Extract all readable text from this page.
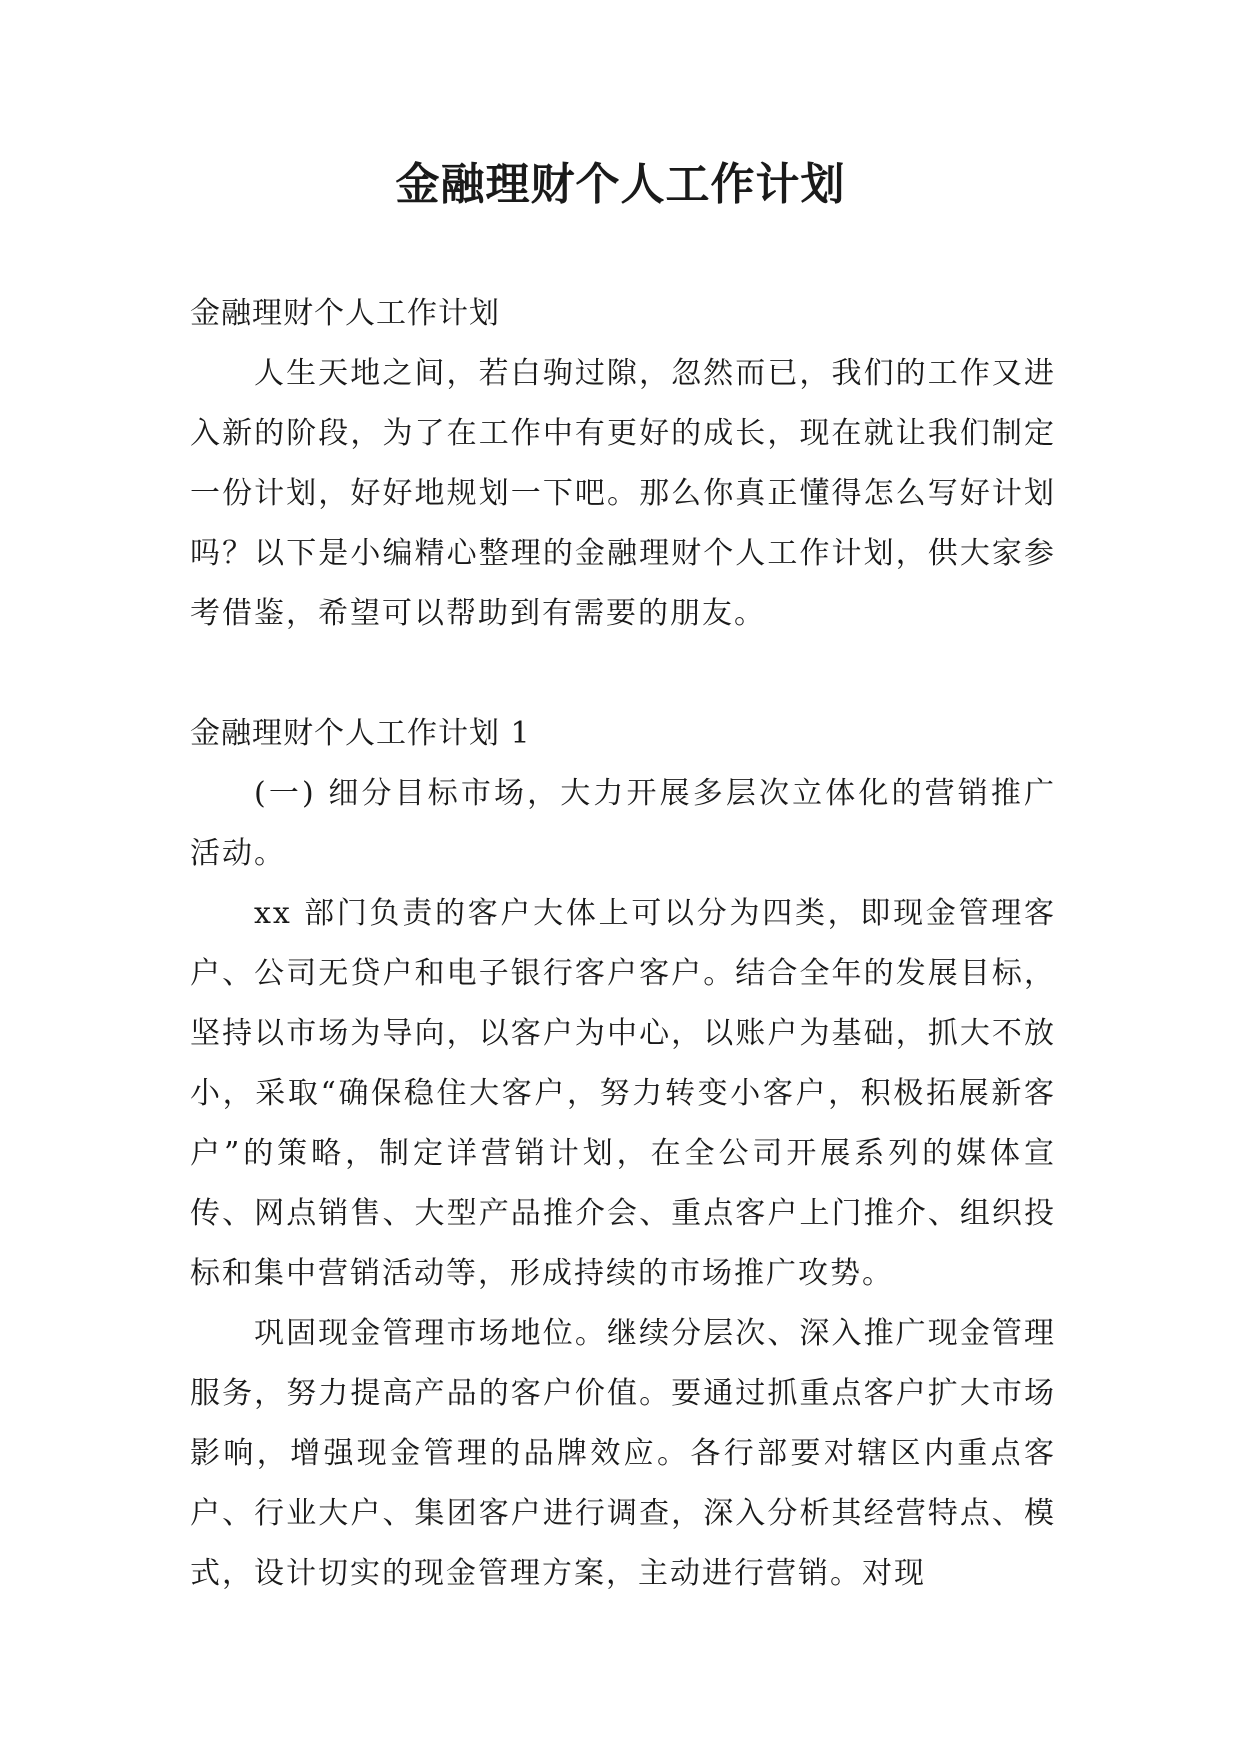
金融理财个人工作计划

金融理财个人工作计划

人生天地之间，若白驹过隙，忽然而已，我们的工作又进入新的阶段，为了在工作中有更好的成长，现在就让我们制定一份计划，好好地规划一下吧。那么你真正懂得怎么写好计划吗？以下是小编精心整理的金融理财个人工作计划，供大家参考借鉴，希望可以帮助到有需要的朋友。

金融理财个人工作计划 1

(一) 细分目标市场，大力开展多层次立体化的营销推广活动。

xx 部门负责的客户大体上可以分为四类，即现金管理客户、公司无贷户和电子银行客户客户。结合全年的发展目标，坚持以市场为导向，以客户为中心，以账户为基础，抓大不放小，采取“确保稳住大客户，努力转变小客户，积极拓展新客户”的策略，制定详营销计划，在全公司开展系列的媒体宣传、网点销售、大型产品推介会、重点客户上门推介、组织投标和集中营销活动等，形成持续的市场推广攻势。

巩固现金管理市场地位。继续分层次、深入推广现金管理服务，努力提高产品的客户价值。要通过抓重点客户扩大市场影响，增强现金管理的品牌效应。各行部要对辖区内重点客户、行业大户、集团客户进行调查，深入分析其经营特点、模式，设计切实的现金管理方案，主动进行营销。对现
